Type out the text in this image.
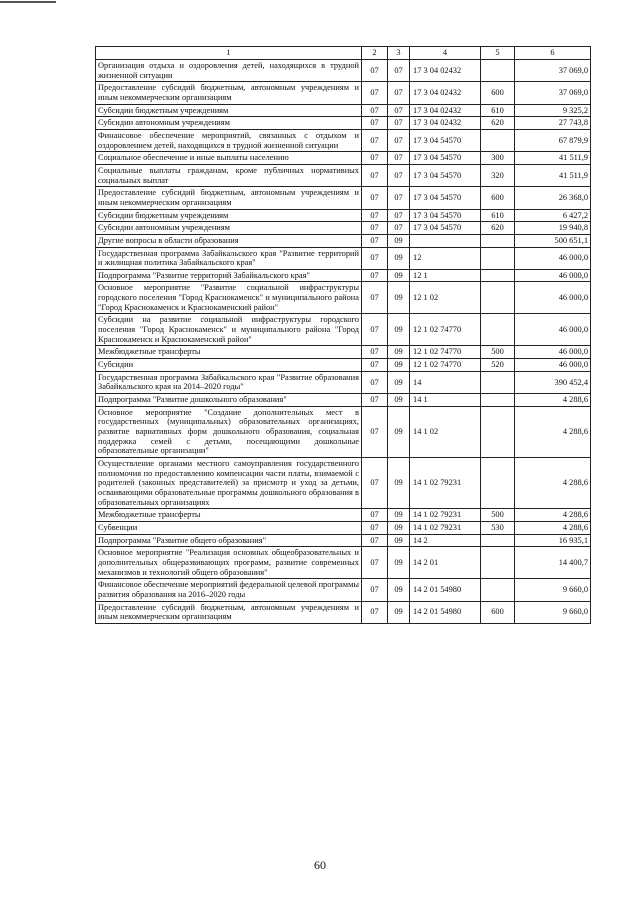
1	2	3	4	5	6
Организация отдыха и оздоровления детей, находящихся в трудной жизненной ситуации	07	07	17 3 04 02432		37 069,0
Предоставление субсидий бюджетным, автономным учреждениям и иным некоммерческим организациям	07	07	17 3 04 02432	600	37 069,0
Субсидии бюджетным учреждениям	07	07	17 3 04 02432	610	9 325,2
Субсидии автономным учреждениям	07	07	17 3 04 02432	620	27 743,8
Финансовое обеспечение мероприятий, связанных с отдыхом и оздоровлением детей, находящихся в трудной жизненной ситуации	07	07	17 3 04 54570		67 879,9
Социальное обеспечение и иные выплаты населению	07	07	17 3 04 54570	300	41 511,9
Социальные выплаты гражданам, кроме публичных нормативных социальных выплат	07	07	17 3 04 54570	320	41 511,9
Предоставление субсидий бюджетным, автономным учреждениям и иным некоммерческим организациям	07	07	17 3 04 54570	600	26 368,0
Субсидии бюджетным учреждениям	07	07	17 3 04 54570	610	6 427,2
Субсидии автономным учреждениям	07	07	17 3 04 54570	620	19 940,8
Другие вопросы в области образования	07	09			500 651,1
Государственная программа Забайкальского края "Развитие территорий и жилищная политика Забайкальского края"	07	09	12		46 000,0
Подпрограмма "Развитие территорий Забайкальского края"	07	09	12 1		46 000,0
Основное мероприятие "Развитие социальной инфраструктуры городского поселения "Город Краснокаменск" и муниципального района "Город Краснокаменск и Краснокаменский район"	07	09	12 1 02		46 000,0
Субсидии на развитие социальной инфраструктуры городского поселения "Город Краснокаменск" и муниципального района "Город Краснокаменск и Краснокаменский район"	07	09	12 1 02 74770		46 000,0
Межбюджетные трансферты	07	09	12 1 02 74770	500	46 000,0
Субсидии	07	09	12 1 02 74770	520	46 000,0
Государственная программа Забайкальского края "Развитие образования Забайкальского края на 2014–2020 годы"	07	09	14		390 452,4
Подпрограмма "Развитие дошкольного образования"	07	09	14 1		4 288,6
Основное мероприятие "Создание дополнительных мест в государственных (муниципальных) образовательных организациях, развитие вариативных форм дошкольного образования, социальная поддержка семей с детьми, посещающими дошкольные образовательные организации"	07	09	14 1 02		4 288,6
Осуществление органами местного самоуправления государственного полномочия по предоставлению компенсации части платы, взимаемой с родителей (законных представителей) за присмотр и уход за детьми, осваивающими образовательные программы дошкольного образования в образовательных организациях	07	09	14 1 02 79231		4 288,6
Межбюджетные трансферты	07	09	14 1 02 79231	500	4 288,6
Субвенции	07	09	14 1 02 79231	530	4 288,6
Подпрограмма "Развитие общего образования"	07	09	14 2		16 935,1
Основное мероприятие "Реализация основных общеобразовательных и дополнительных общеразвивающих программ, развитие современных механизмов и технологий общего образования"	07	09	14 2 01		14 400,7
Финансовое обеспечение мероприятий федеральной целевой программы развития образования на 2016–2020 годы	07	09	14 2 01 54980		9 660,0
Предоставление субсидий бюджетным, автономным учреждениям и иным некоммерческим организациям	07	09	14 2 01 54980	600	9 660,0
60
